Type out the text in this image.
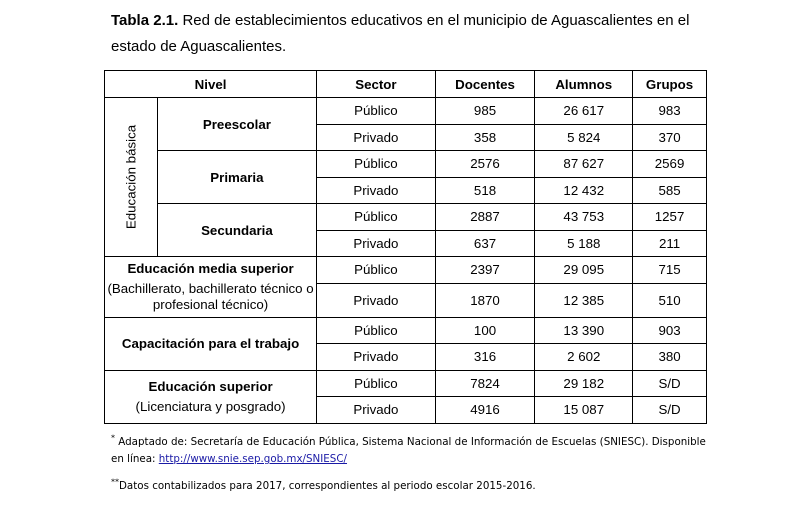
Tabla 2.1. Red de establecimientos educativos en el municipio de Aguascalientes en el estado de Aguascalientes.
Nivel		Sector	Docentes	Alumnos	Grupos

Educación básica	Preescolar	Público	985	26 617	983
		Privado	358	5 824	370
	Primaria	Público	2576	87 627	2569
		Privado	518	12 432	585
	Secundaria	Público	2887	43 753	1257
		Privado	637	5 188	211
Educación media superior
(Bachillerato, bachillerato técnico o profesional técnico)		Público	2397	29 095	715
		Privado	1870	12 385	510
Capacitación para el trabajo		Público	100	13 390	903
		Privado	316	2 602	380
Educación superior
(Licenciatura y posgrado)		Público	7824	29 182	S/D
		Privado	4916	15 087	S/D
* Adaptado de: Secretaría de Educación Pública, Sistema Nacional de Información de Escuelas (SNIESC). Disponible en línea: http://www.snie.sep.gob.mx/SNIESC/
**Datos contabilizados para 2017, correspondientes al periodo escolar 2015-2016.
